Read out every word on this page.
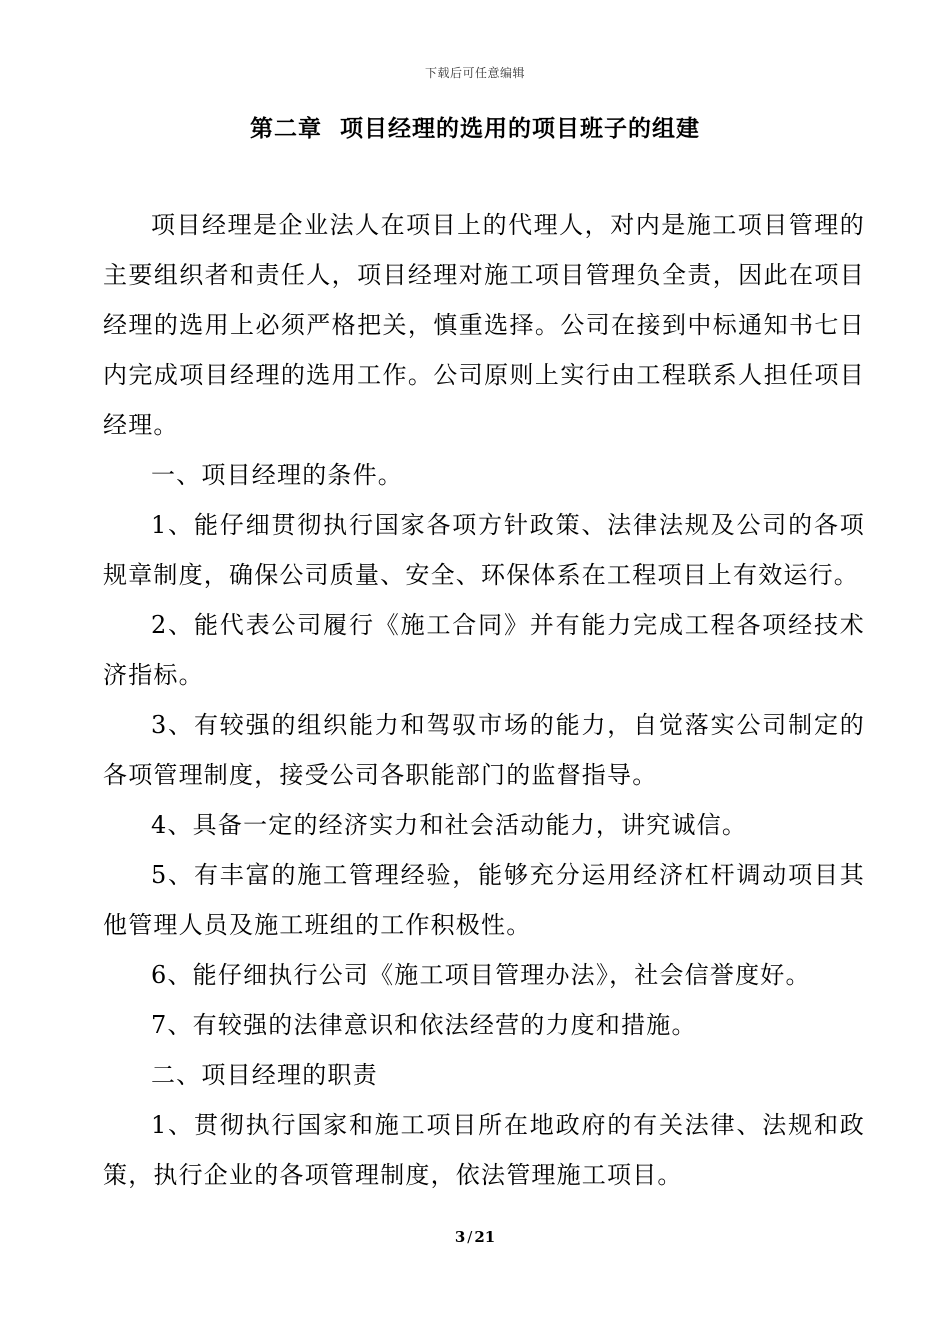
下载后可任意编辑
第二章  项目经理的选用的项目班子的组建

项目经理是企业法人在项目上的代理人，对内是施工项目管理的主要组织者和责任人，项目经理对施工项目管理负全责，因此在项目经理的选用上必须严格把关，慎重选择。公司在接到中标通知书七日内完成项目经理的选用工作。公司原则上实行由工程联系人担任项目经理。

一、项目经理的条件。

1、能仔细贯彻执行国家各项方针政策、法律法规及公司的各项规章制度，确保公司质量、安全、环保体系在工程项目上有效运行。

2、能代表公司履行《施工合同》并有能力完成工程各项经技术济指标。

3、有较强的组织能力和驾驭市场的能力，自觉落实公司制定的各项管理制度，接受公司各职能部门的监督指导。

4、具备一定的经济实力和社会活动能力，讲究诚信。

5、有丰富的施工管理经验，能够充分运用经济杠杆调动项目其他管理人员及施工班组的工作积极性。

6、能仔细执行公司《施工项目管理办法》，社会信誉度好。

7、有较强的法律意识和依法经营的力度和措施。

二、项目经理的职责

1、贯彻执行国家和施工项目所在地政府的有关法律、法规和政策，执行企业的各项管理制度，依法管理施工项目。

3 / 21
